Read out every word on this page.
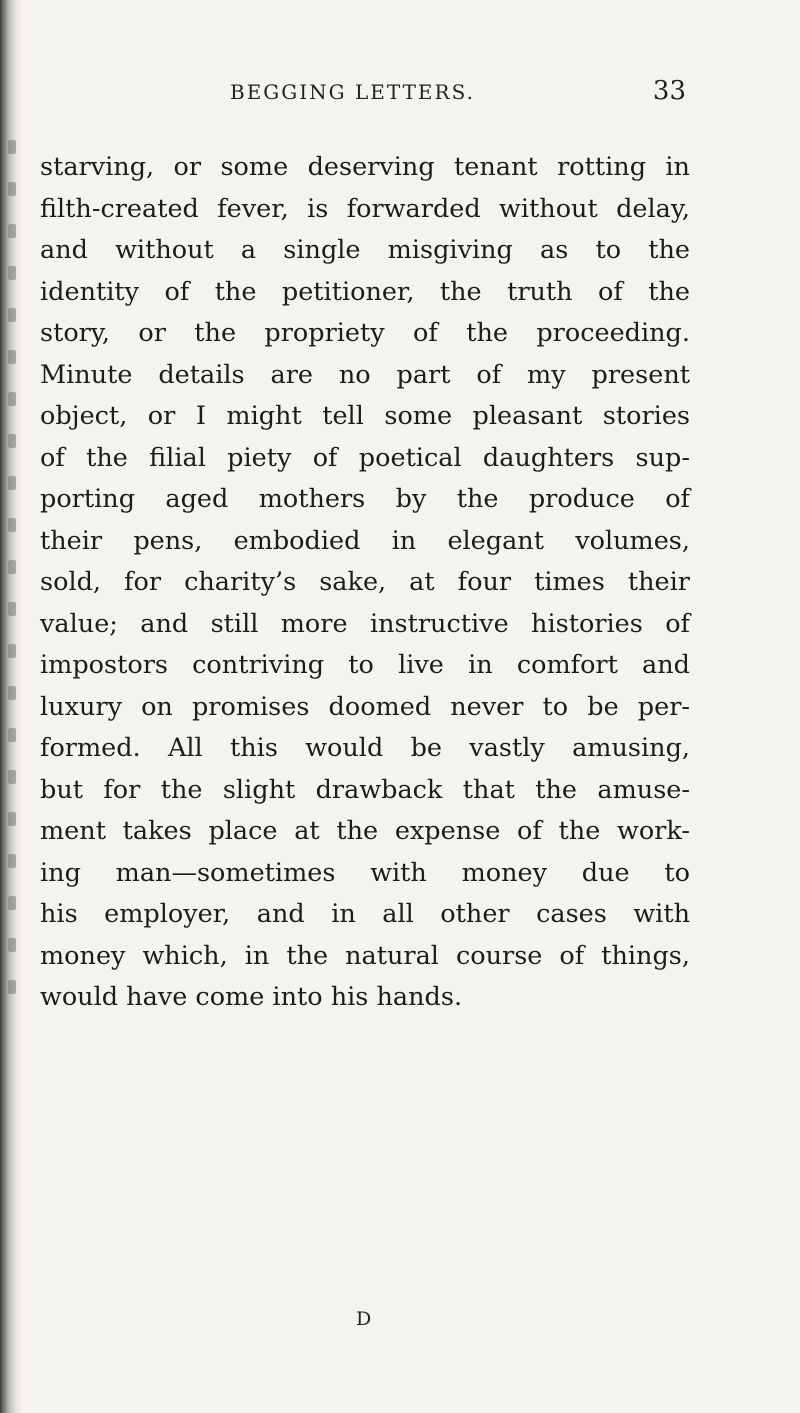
BEGGING LETTERS.	33
starving, or some deserving tenant rotting in
filth-created fever, is forwarded without delay,
and without a single misgiving as to the
identity of the petitioner, the truth of the
story, or the propriety of the proceeding.
Minute details are no part of my present
object, or I might tell some pleasant stories
of the filial piety of poetical daughters sup-
porting aged mothers by the produce of
their pens, embodied in elegant volumes,
sold, for charity’s sake, at four times their
value; and still more instructive histories of
impostors contriving to live in comfort and
luxury on promises doomed never to be per-
formed. All this would be vastly amusing,
but for the slight drawback that the amuse-
ment takes place at the expense of the work-
ing man—sometimes with money due to
his employer, and in all other cases with
money which, in the natural course of things,
would have come into his hands.
D
